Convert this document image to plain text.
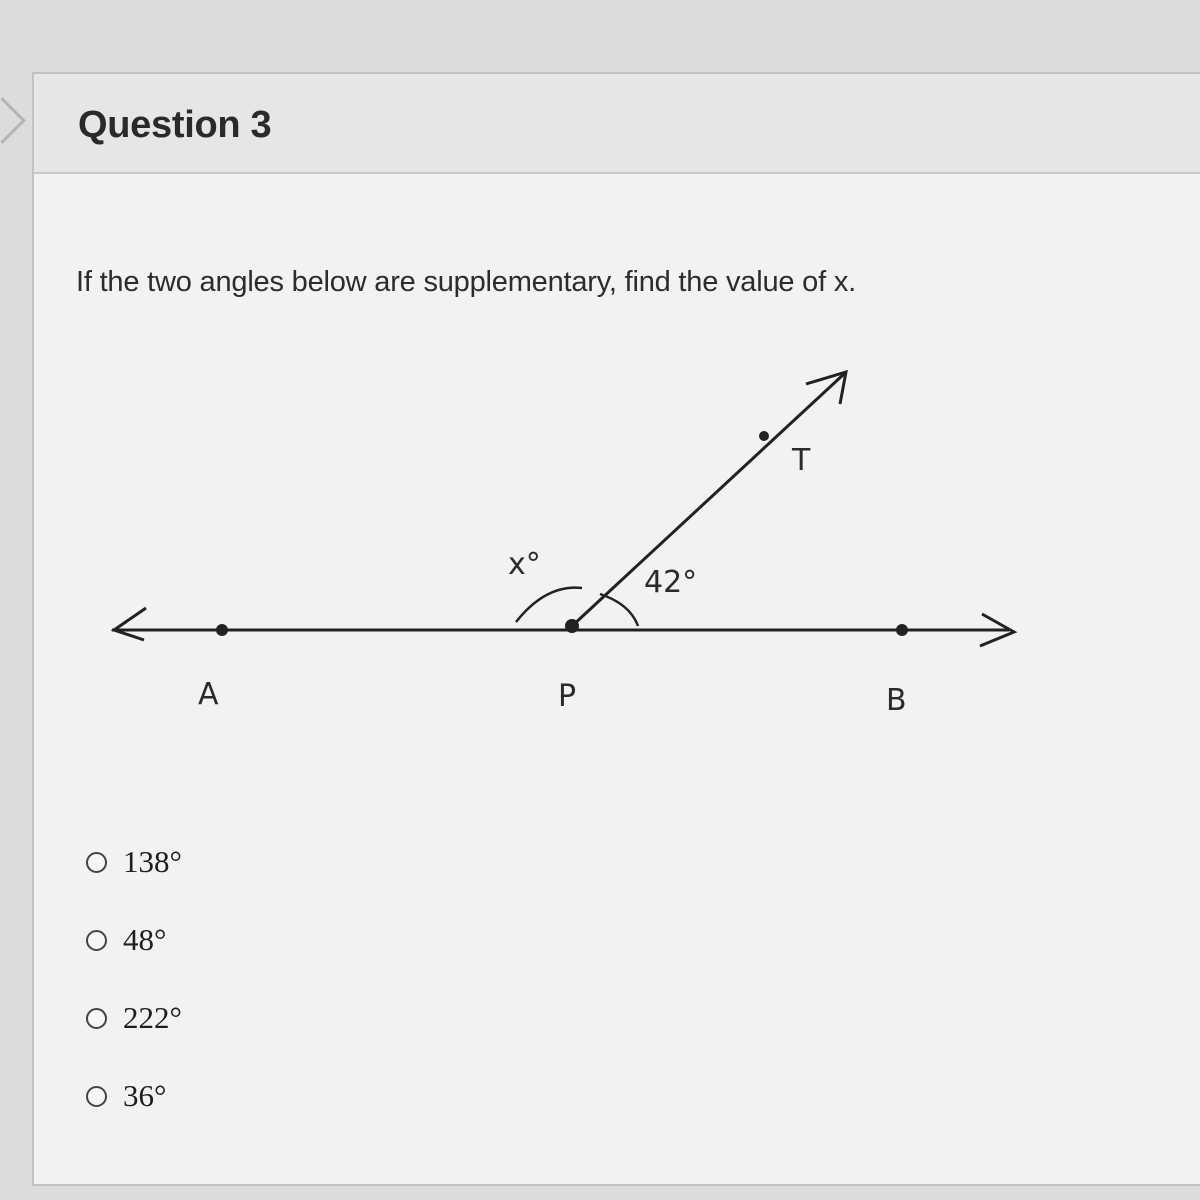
Question 3
If the two angles below are supplementary, find the value of x.
x°
42°
A	P	B
T
138°
48°
222°
36°
